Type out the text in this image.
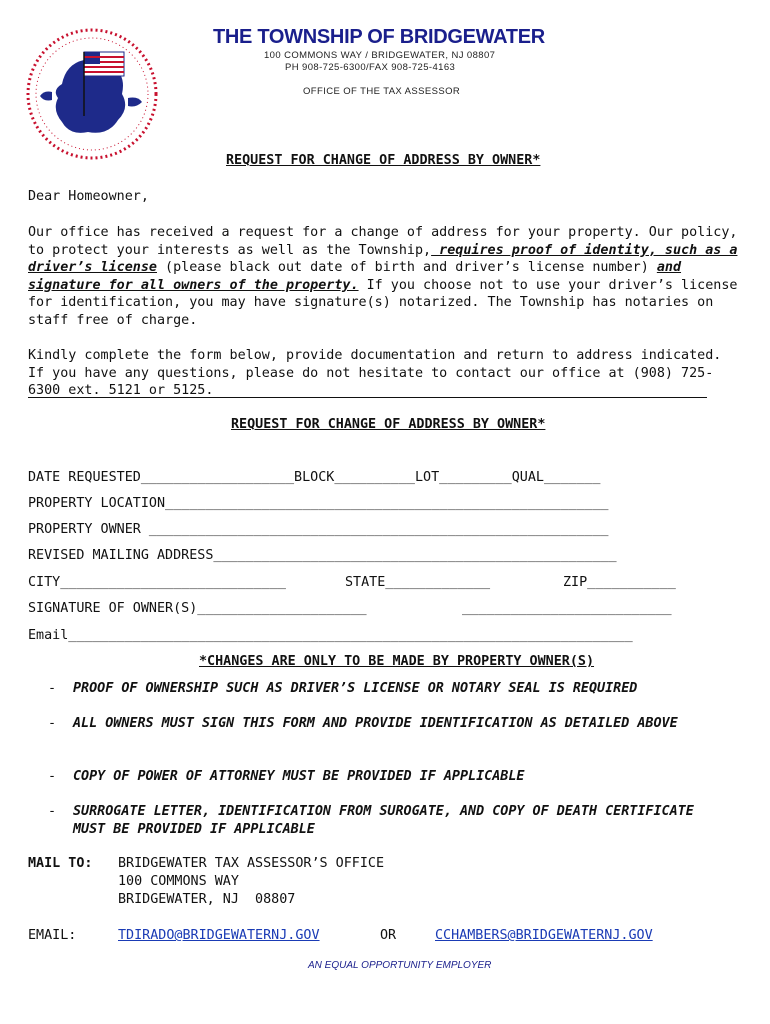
THE TOWNSHIP OF BRIDGEWATER
100 COMMONS WAY / BRIDGEWATER, NJ 08807
PH 908-725-6300/FAX 908-725-4163
OFFICE OF THE TAX ASSESSOR
REQUEST FOR CHANGE OF ADDRESS BY OWNER*
Dear Homeowner,
Our office has received a request for a change of address for your property. Our policy, to protect your interests as well as the Township, requires proof of identity, such as a driver’s license (please black out date of birth and driver’s license number) and signature for all owners of the property. If you choose not to use your driver’s license for identification, you may have signature(s) notarized. The Township has notaries on staff free of charge.
Kindly complete the form below, provide documentation and return to address indicated. If you have any questions, please do not hesitate to contact our office at (908) 725-6300 ext. 5121 or 5125.
REQUEST FOR CHANGE OF ADDRESS BY OWNER*
DATE REQUESTED___________________BLOCK__________LOT_________QUAL_______
PROPERTY LOCATION_______________________________________________________
PROPERTY OWNER _________________________________________________________
REVISED MAILING ADDRESS__________________________________________________
CITY____________________________	STATE_____________	ZIP___________
SIGNATURE OF OWNER(S)_____________________	__________________________
Email______________________________________________________________________
*CHANGES ARE ONLY TO BE MADE BY PROPERTY OWNER(S)
-	PROOF OF OWNERSHIP SUCH AS DRIVER’S LICENSE OR NOTARY SEAL IS REQUIRED
-	ALL OWNERS MUST SIGN THIS FORM AND PROVIDE IDENTIFICATION AS DETAILED ABOVE
-	COPY OF POWER OF ATTORNEY MUST BE PROVIDED IF APPLICABLE
-	SURROGATE LETTER, IDENTIFICATION FROM SUROGATE, AND COPY OF DEATH CERTIFICATE MUST BE PROVIDED IF APPLICABLE
MAIL TO: BRIDGEWATER TAX ASSESSOR’S OFFICE
100 COMMONS WAY
BRIDGEWATER, NJ  08807
EMAIL:	TDIRADO@BRIDGEWATERNJ.GOV	OR	CCHAMBERS@BRIDGEWATERNJ.GOV
AN EQUAL OPPORTUNITY EMPLOYER
